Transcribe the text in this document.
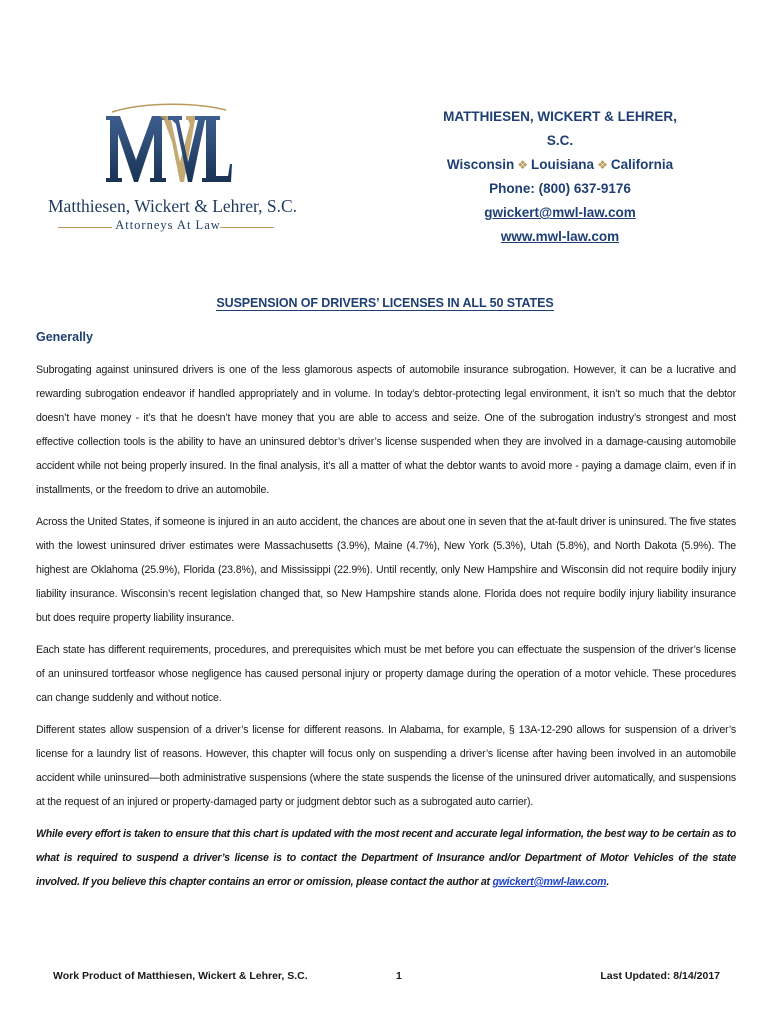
Matthiesen, Wickert & Lehrer, S.C.
Attorneys At Law
MATTHIESEN, WICKERT & LEHRER, S.C.
Wisconsin ❖ Louisiana ❖ California
Phone: (800) 637-9176
gwickert@mwl-law.com
www.mwl-law.com
SUSPENSION OF DRIVERS’ LICENSES IN ALL 50 STATES
Generally

Subrogating against uninsured drivers is one of the less glamorous aspects of automobile insurance subrogation. However, it can be a lucrative and rewarding subrogation endeavor if handled appropriately and in volume. In today’s debtor-protecting legal environment, it isn’t so much that the debtor doesn’t have money - it’s that he doesn’t have money that you are able to access and seize. One of the subrogation industry’s strongest and most effective collection tools is the ability to have an uninsured debtor’s driver’s license suspended when they are involved in a damage-causing automobile accident while not being properly insured. In the final analysis, it’s all a matter of what the debtor wants to avoid more - paying a damage claim, even if in installments, or the freedom to drive an automobile.

Across the United States, if someone is injured in an auto accident, the chances are about one in seven that the at-fault driver is uninsured. The five states with the lowest uninsured driver estimates were Massachusetts (3.9%), Maine (4.7%), New York (5.3%), Utah (5.8%), and North Dakota (5.9%). The highest are Oklahoma (25.9%), Florida (23.8%), and Mississippi (22.9%). Until recently, only New Hampshire and Wisconsin did not require bodily injury liability insurance. Wisconsin’s recent legislation changed that, so New Hampshire stands alone. Florida does not require bodily injury liability insurance but does require property liability insurance.

Each state has different requirements, procedures, and prerequisites which must be met before you can effectuate the suspension of the driver’s license of an uninsured tortfeasor whose negligence has caused personal injury or property damage during the operation of a motor vehicle. These procedures can change suddenly and without notice.

Different states allow suspension of a driver’s license for different reasons. In Alabama, for example, § 13A-12-290 allows for suspension of a driver’s license for a laundry list of reasons. However, this chapter will focus only on suspending a driver’s license after having been involved in an automobile accident while uninsured—both administrative suspensions (where the state suspends the license of the uninsured driver automatically, and suspensions at the request of an injured or property-damaged party or judgment debtor such as a subrogated auto carrier).

While every effort is taken to ensure that this chart is updated with the most recent and accurate legal information, the best way to be certain as to what is required to suspend a driver’s license is to contact the Department of Insurance and/or Department of Motor Vehicles of the state involved. If you believe this chapter contains an error or omission, please contact the author at gwickert@mwl-law.com.

Work Product of Matthiesen, Wickert & Lehrer, S.C.	1	Last Updated: 8/14/2017
